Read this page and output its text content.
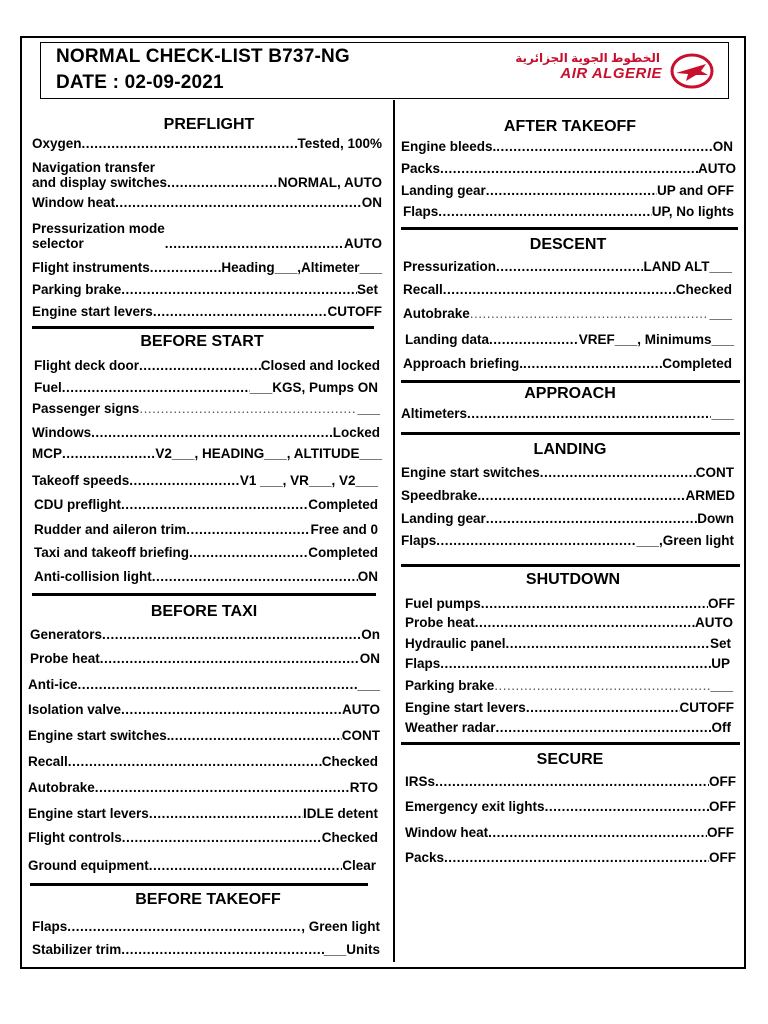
NORMAL CHECK-LIST B737-NG
DATE : 02-09-2021
الخطوط الجوية الجزائرية
AIR ALGERIE
PREFLIGHT
Oxygen .....	Tested, 100%
Navigation transfer
and display switches .....	NORMAL, AUTO
Window heat .....	ON
Pressurization mode
selector .....	AUTO
Flight instruments .....	Heading___,Altimeter___
Parking brake .....	Set
Engine start levers .....	CUTOFF
BEFORE START
Flight deck door .....	Closed and locked
Fuel .....	___KGS, Pumps ON
Passenger signs .....	___
Windows .....	Locked
MCP .....	V2___, HEADING___, ALTITUDE___
Takeoff speeds .....	V1 ___, VR___, V2___
CDU preflight .....	Completed
Rudder and aileron trim .....	Free and 0
Taxi and takeoff briefing .....	Completed
Anti-collision light .....	ON
BEFORE TAXI
Generators .....	On
Probe heat .....	ON
Anti-ice .....	___
Isolation valve .....	AUTO
Engine start switches. .....	CONT
Recall .....	Checked
Autobrake .....	RTO
Engine start levers .....	IDLE detent
Flight controls .....	Checked
Ground equipment .....	Clear
BEFORE TAKEOFF
Flaps .....	, Green light
Stabilizer trim .....	___Units
AFTER TAKEOFF
Engine bleeds. .....	ON
Packs .....	AUTO
Landing gear .....	UP and OFF
Flaps .....	UP, No lights
DESCENT
Pressurization .....	LAND ALT___
Recall .....	Checked
Autobrake .....	___
Landing data .....	VREF___, Minimums___
Approach briefing. .....	Completed
APPROACH
Altimeters .....	___
LANDING
Engine start switches .....	CONT
Speedbrake. .....	ARMED
Landing gear .....	Down
Flaps .....	___,Green light
SHUTDOWN
Fuel pumps .....	OFF
Probe heat .....	AUTO
Hydraulic panel .....	Set
Flaps .....	UP
Parking brake .....	___
Engine start levers .....	CUTOFF
Weather radar .....	Off
SECURE
IRSs .....	OFF
Emergency exit lights .....	OFF
Window heat .....	OFF
Packs .....	OFF
